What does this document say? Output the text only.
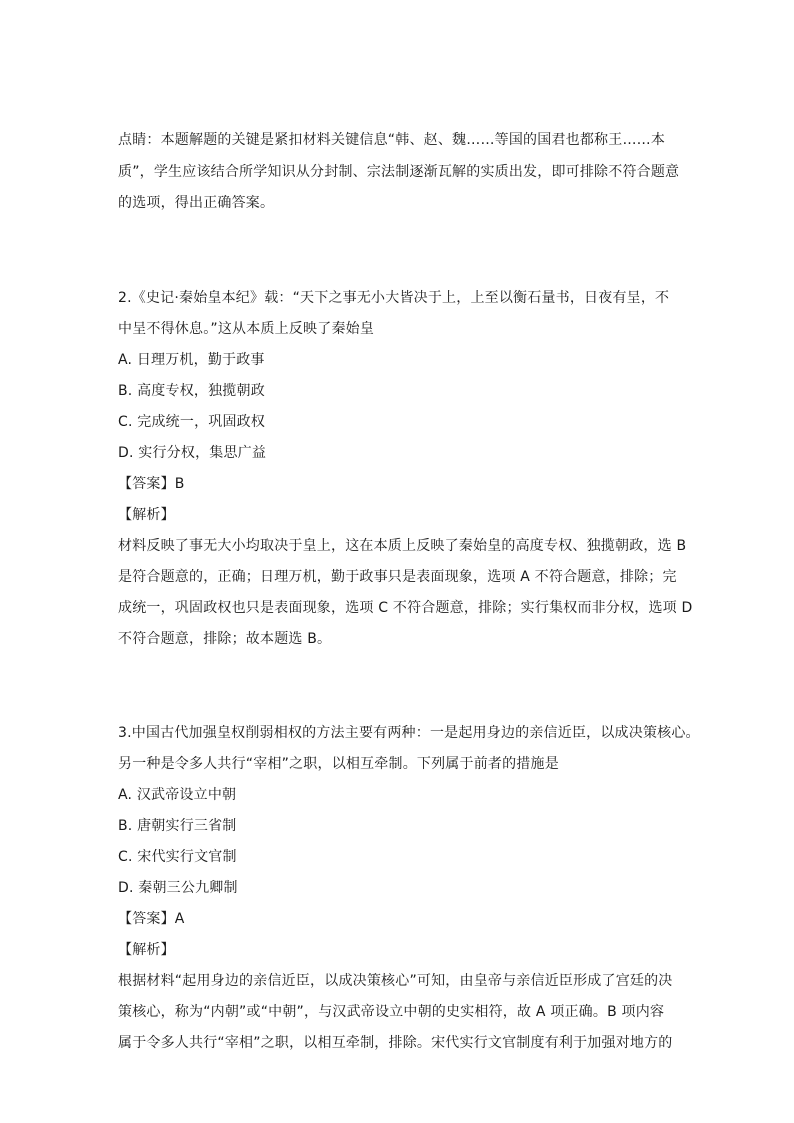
点睛：本题解题的关键是紧扣材料关键信息“韩、赵、魏……等国的国君也都称王……本
质”，学生应该结合所学知识从分封制、宗法制逐渐瓦解的实质出发，即可排除不符合题意
的选项，得出正确答案。
2.《史记·秦始皇本纪》载：“天下之事无小大皆决于上，上至以衡石量书，日夜有呈，不
中呈不得休息。”这从本质上反映了秦始皇
A. 日理万机，勤于政事
B. 高度专权，独揽朝政
C. 完成统一，巩固政权
D. 实行分权，集思广益
【答案】B
【解析】
材料反映了事无大小均取决于皇上，这在本质上反映了秦始皇的高度专权、独揽朝政，选 B
是符合题意的，正确；日理万机，勤于政事只是表面现象，选项 A 不符合题意，排除；完
成统一，巩固政权也只是表面现象，选项 C 不符合题意，排除；实行集权而非分权，选项 D
不符合题意，排除；故本题选 B。
3.中国古代加强皇权削弱相权的方法主要有两种：一是起用身边的亲信近臣，以成决策核心。
另一种是令多人共行“宰相”之职，以相互牵制。下列属于前者的措施是
A. 汉武帝设立中朝
B. 唐朝实行三省制
C. 宋代实行文官制
D. 秦朝三公九卿制
【答案】A
【解析】
根据材料“起用身边的亲信近臣，以成决策核心”可知，由皇帝与亲信近臣形成了宫廷的决
策核心，称为“内朝”或“中朝”，与汉武帝设立中朝的史实相符，故 A 项正确。B 项内容
属于令多人共行“宰相”之职，以相互牵制，排除。宋代实行文官制度有利于加强对地方的
